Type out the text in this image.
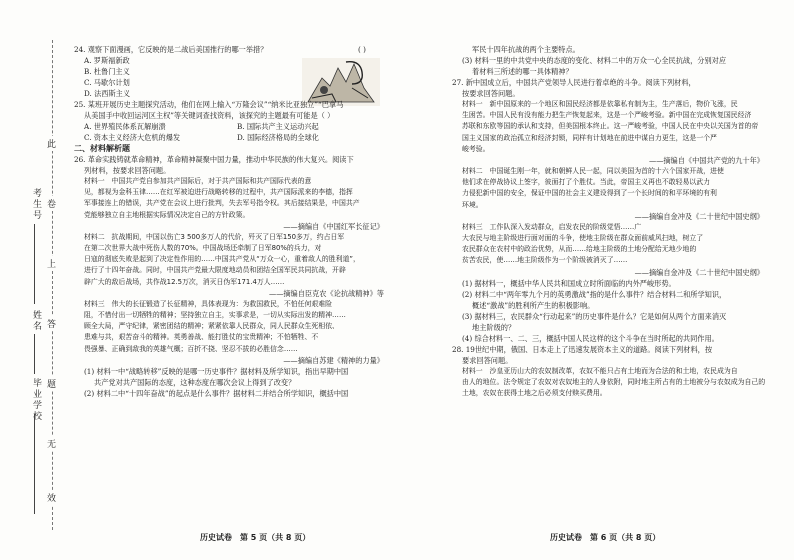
考生号
姓名
毕业学校
此
卷
上
答
题
无
效

24. 观察下面漫画，它反映的是二战后美国推行的哪一举措？	( )

A. 罗斯福新政

B. 杜鲁门主义

C. 马歇尔计划

D. 法西斯主义

25. 某班开展历史主题探究活动，他们在网上输入“万隆会议”“纳米比亚独立”“巴拿马

从美国手中收回运河区主权”等关键词查找资料，该探究的主题最有可能是（ ）

A. 世界殖民体系瓦解崩溃	B. 国际共产主义运动兴起
C. 资本主义经济大危机的爆发	D. 国际经济格局的全球化

二、材料解析题

26. 革命实践铸就革命精神，革命精神凝聚中国力量，推动中华民族的伟大复兴。阅读下

列材料，按要求回答问题。

材料一　中国共产党自参加共产国际后，对于共产国际和共产国际代表的意

见，都视为金科玉律……在红军被迫进行战略转移的过程中，共产国际派来的李德，指挥

军事接连上的错误，共产党在会议上进行批判，失去军号指令权。其后接结果是，中国共产

党能够独立自主地根据实际情况决定自己的方针政策。

——摘编自《中国红军长征记》

材料二　抗战期间，中国以伤亡3 500多万人的代价，歼灭了日军150多万，约占日军

在第二次世界大战中死伤人数的70%。中国战场还牵制了日军80%的兵力，对

日寇的彻底失败是起到了决定性作用的……中国共产党从“万众一心，重着敌人的胜利道”，

进行了十四年奋战。同时，中国共产党最大限度地动员和团结全国军民共同抗战，开辟

辟广大的敌后战场，共作战12.5万次，消灭日伪军171.4万人……

——摘编自臣克农《论抗战精神》等

材料三　伟大的长征锻造了长征精神，具体表现为：为救国救民，不怕任何艰难险

阻，不惜付出一切牺牲的精神；坚持独立自主，实事求是，一切从实际出发的精神……

顾全大局，严守纪律，紧密团结的精神；紧紧依靠人民群众，同人民群众生死相依、

患难与共，艰苦奋斗的精神。英勇善战、能打胜仗的宝贵精神；不怕牺牲、不

畏强暴、正确到敌我的英雄气概；百折不挠、坚忍不拔的必胜信念……

——摘编自苏建《精神的力量》

(1) 材料一中“战略转移”反映的是哪一历史事件？据材料及所学知识，指出早期中国

共产党对共产国际的态度，这种态度在哪次会议上得到了改变？

(2) 材料二中“十四年奋战”的起点是什么事件？据材料二并结合所学知识，概括中国

历史试卷　第 5 页（共 8 页）

军民十四年抗战的两个主要特点。

(3) 材料一里的中共党中央的态度的变化、材料二中的万众一心全民抗战，分别对应

着材料三所述的哪一具体精神？

27. 新中国成立后，中国共产党领导人民进行着卓绝的斗争。阅读下列材料，

按要求回答问题。

材料一　新中国原来的一个地区和国民经济都是依靠私有制为主，生产落后，物价飞涨，民

生困苦。中国人民有没有能力把生产恢复起来，这是一个严峻考验。新中国在完成恢复国民经济

苏联和东欧等国的承认和支持，但美国根本终止。这一严峻考验，中国人民在中央以关国为首的帝

国主义国家的政治孤立和经济封锁，同样有计划地在前进中谋自力更生，这是一个严

峻考验。

——摘编自《中国共产党的九十年》

材料二　中国诞生刚一年，就和朝鲜人民一起，同以美国为首的十六个国家开战，进使

他们求在停战协议上签字，彼面打了个胜仗。当此，帝国主义再也不敢轻易以武力

力侵犯新中国的安全，保证中国的社会主义建设得到了一个长时间的和平环境的有利

环境。

——摘编自金冲及《二十世纪中国史纲》

材料三　工作队深入发动群众，启发农民的阶级觉悟……广

大农民与地主阶级进行面对面的斗争，使地主阶级在群众面前威风扫地，树立了

农民群众在农村中的政治优势，从而……给地主阶级的土地分配给无地少地的

贫苦农民，使……地主阶级作为一个阶级被消灭了……

——摘编自金冲及《二十世纪中国史纲》

(1) 据材料一，概括中华人民共和国成立时所面临的内外严峻形势。

(2) 材料二中“两年零九个月的英勇激战”指的是什么事件？结合材料二和所学知识，

概述“激战”的胜利所产生的积极影响。

(3) 据材料三，农民群众“行动起来”的历史事件是什么？它是如何从两个方面来消灭

地主阶级的？

(4) 综合材料一、二、三，概括中国人民这样的这个斗争在当时所起的共同作用。

28. 19世纪中期，俄国、日本走上了迅速发展资本主义的道路。阅读下列材料，按

要求回答问题。

材料一　沙皇亚历山大的农奴制改革，农奴不能只占有土地而为合法的和土地，农民成为自

由人的地位。法令规定了农奴对农奴地主的人身依附，同时地主所占有的土地被分与农奴成为自己的

土地，农奴在获得土地之后必须支付赎买费用。

历史试卷　第 6 页（共 8 页）
